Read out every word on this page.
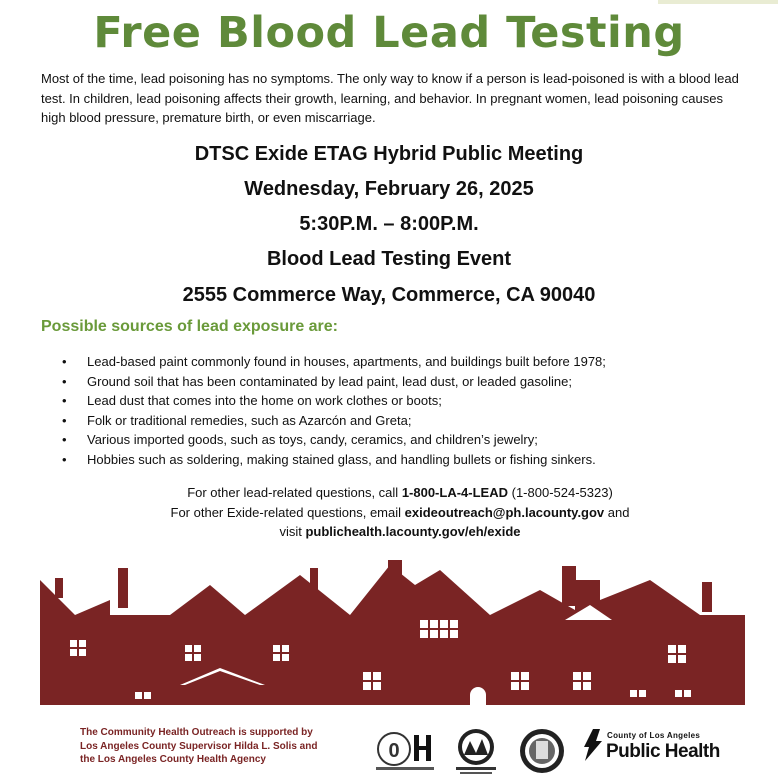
Free Blood Lead Testing
Most of the time, lead poisoning has no symptoms. The only way to know if a person is lead-poisoned is with a blood lead test. In children, lead poisoning affects their growth, learning, and behavior. In pregnant women, lead poisoning causes high blood pressure, premature birth, or even miscarriage.
DTSC Exide ETAG Hybrid Public Meeting
Wednesday, February 26, 2025
5:30P.M. – 8:00P.M.
Blood Lead Testing Event
2555 Commerce Way, Commerce, CA 90040
Possible sources of lead exposure are:
• Lead-based paint commonly found in houses, apartments, and buildings built before 1978;
• Ground soil that has been contaminated by lead paint, lead dust, or leaded gasoline;
• Lead dust that comes into the home on work clothes or boots;
• Folk or traditional remedies, such as Azarcón and Greta;
• Various imported goods, such as toys, candy, ceramics, and children’s jewelry;
• Hobbies such as soldering, making stained glass, and handling bullets or fishing sinkers.
For other lead-related questions, call 1-800-LA-4-LEAD (1-800-524-5323)
For other Exide-related questions, email exideoutreach@ph.lacounty.gov and
visit publichealth.lacounty.gov/eh/exide
The Community Health Outreach is supported by
Los Angeles County Supervisor Hilda L. Solis and
the Los Angeles County Health Agency	0
County of Los Angeles
Public Health
